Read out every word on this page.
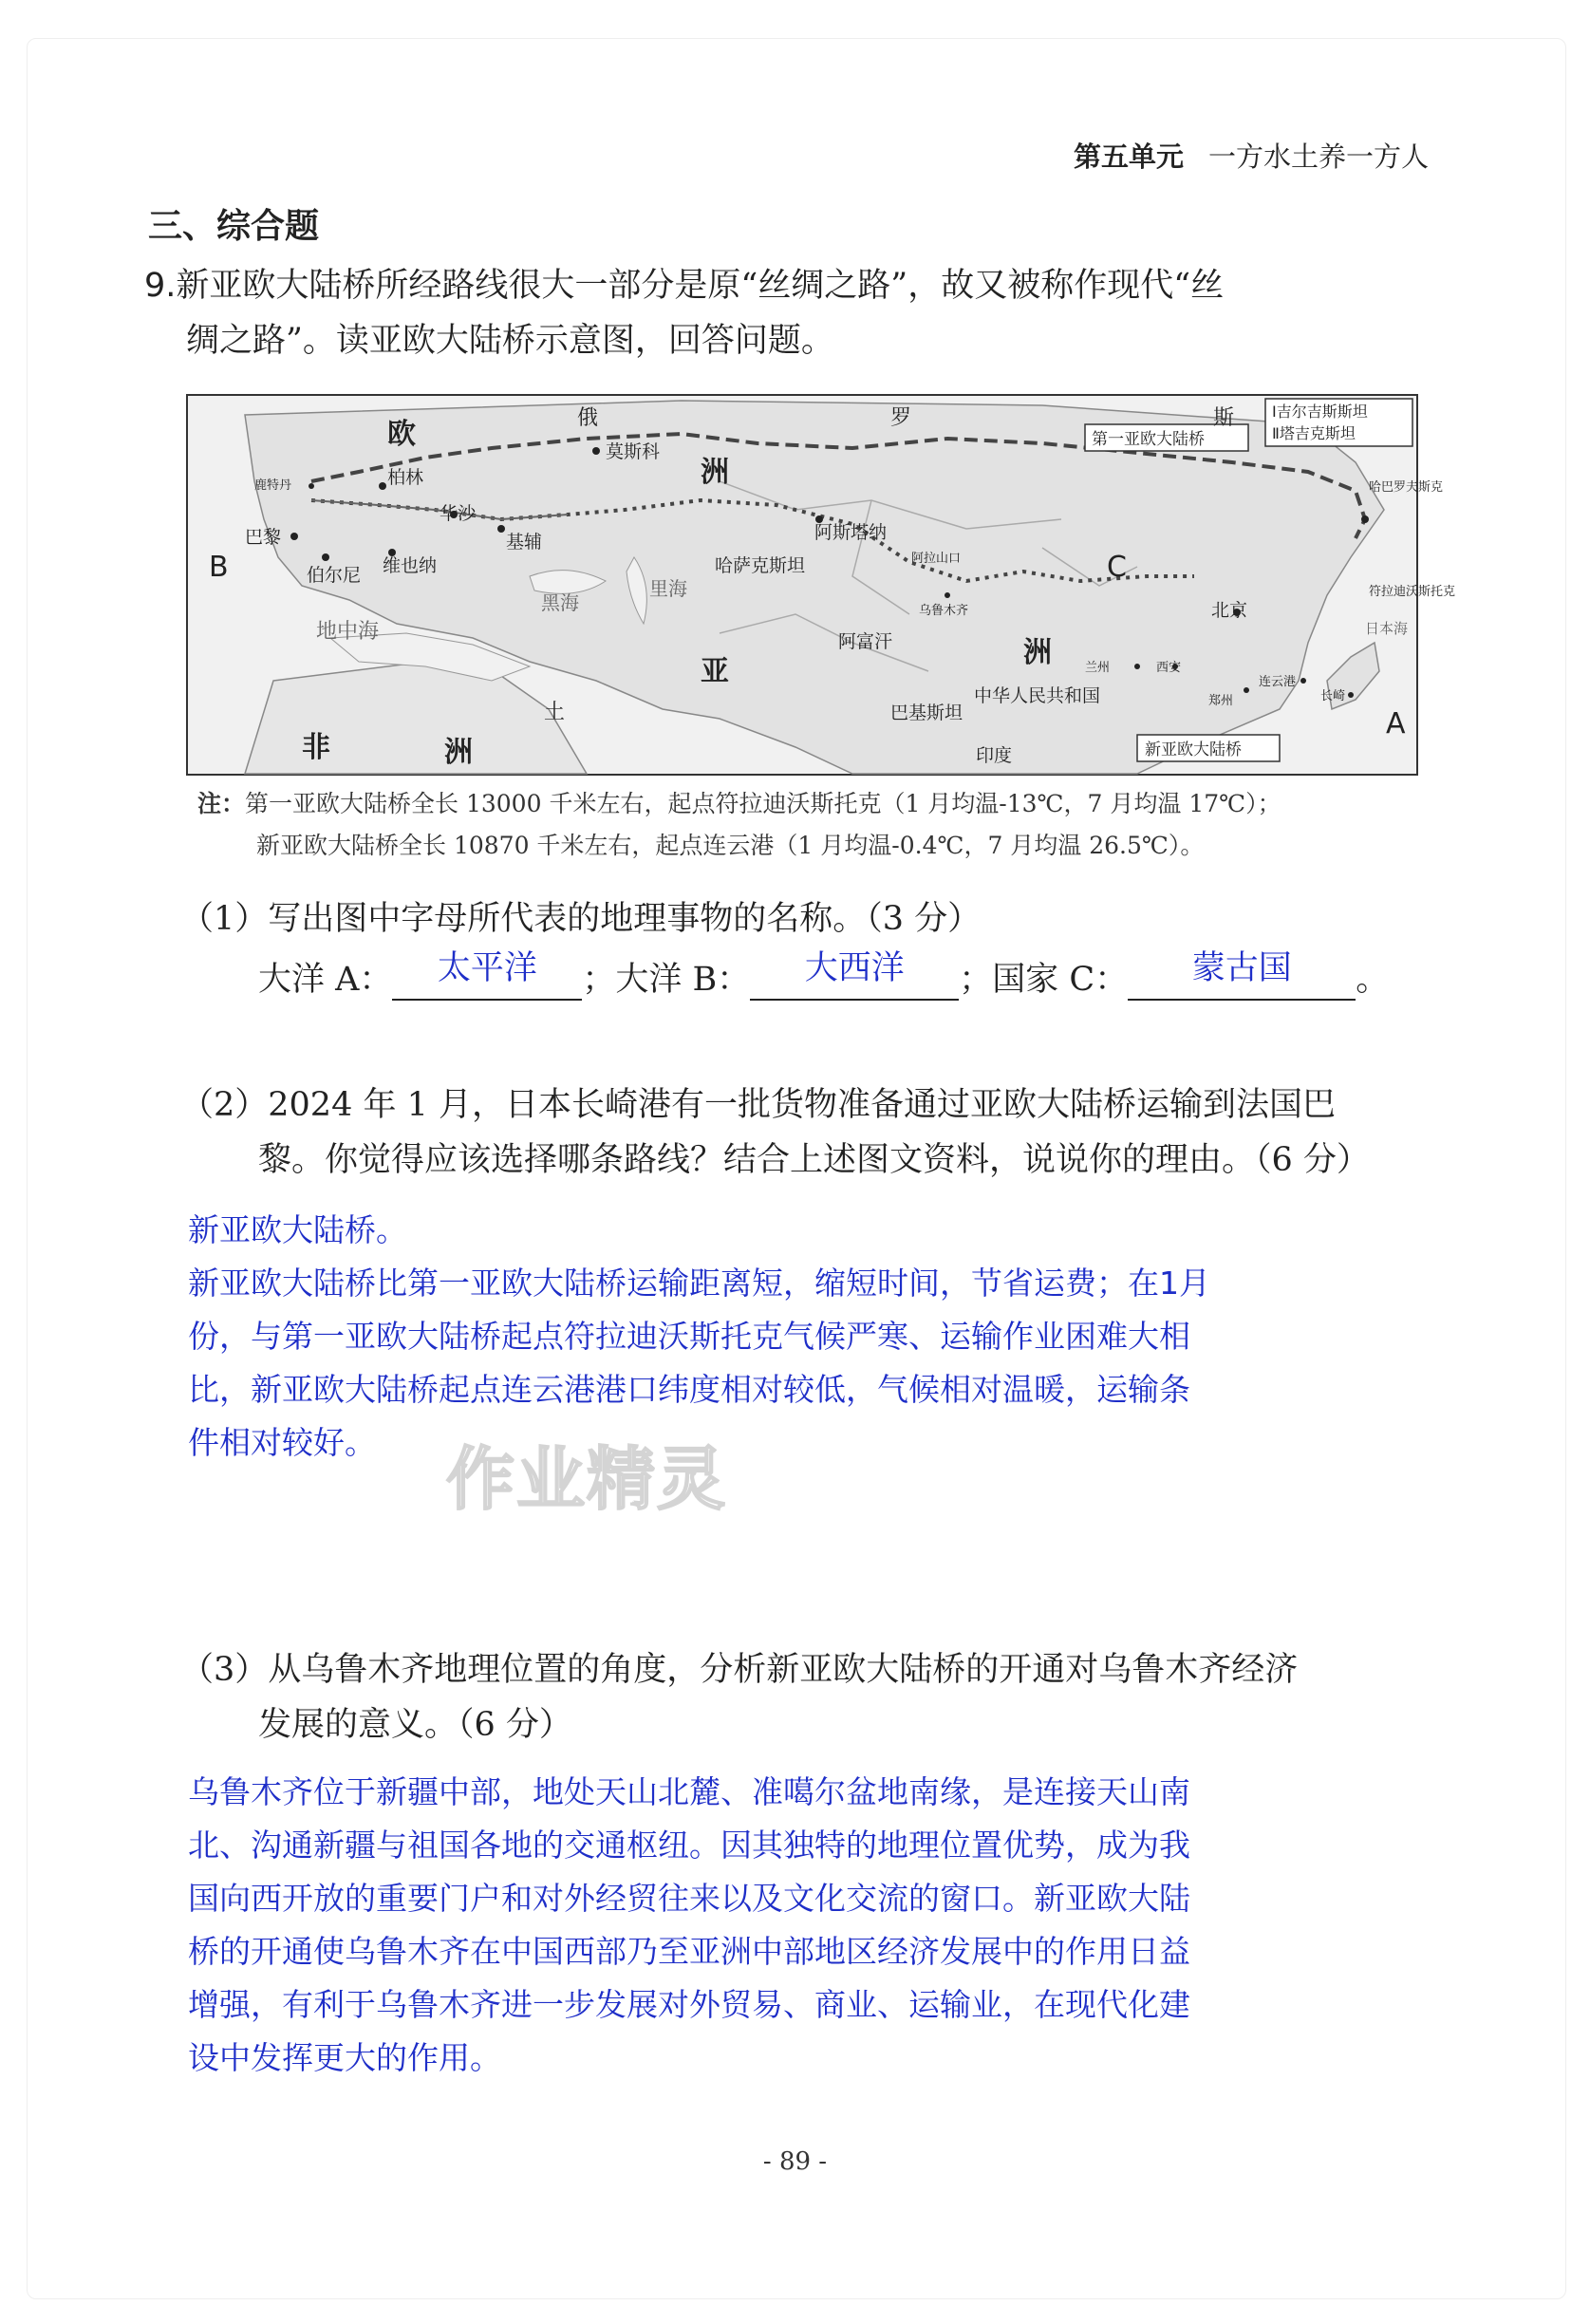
第五单元 一方水土养一方人
三、综合题
9.新亚欧大陆桥所经路线很大一部分是原“丝绸之路”，故又被称作现代“丝
绸之路”。读亚欧大陆桥示意图，回答问题。
Ⅰ吉尔吉斯斯坦
Ⅱ塔吉克斯坦
第一亚欧大陆桥
新亚欧大陆桥
欧
洲
亚
洲
非	洲
俄	罗	斯
B	C
A
地中海
黑海
里海
日本海
土
莫斯科
柏林
鹿特丹
华沙
基辅
巴黎
伯尔尼 维也纳
阿斯塔纳
哈萨克斯坦	阿拉山口
乌鲁木齐	北京
兰州	西安
郑州
连云港
长崎
中华人民共和国
阿富汗
巴基斯坦
印度
符拉迪沃斯托克
哈巴罗夫斯克
注：第一亚欧大陆桥全长 13000 千米左右，起点符拉迪沃斯托克（1 月均温-13℃，7 月均温 17℃）；
新亚欧大陆桥全长 10870 千米左右，起点连云港（1 月均温-0.4℃，7 月均温 26.5℃）。
（1）写出图中字母所代表的地理事物的名称。（3 分）
大洋 A：	太平洋	；大洋 B：	大西洋	；国家 C：	蒙古国	。
（2）2024 年 1 月，日本长崎港有一批货物准备通过亚欧大陆桥运输到法国巴
黎。你觉得应该选择哪条路线？结合上述图文资料，说说你的理由。（6 分）
新亚欧大陆桥。
新亚欧大陆桥比第一亚欧大陆桥运输距离短，缩短时间，节省运费；在1月
份，与第一亚欧大陆桥起点符拉迪沃斯托克气候严寒、运输作业困难大相
比，新亚欧大陆桥起点连云港港口纬度相对较低，气候相对温暖，运输条
件相对较好。	作业精灵
（3）从乌鲁木齐地理位置的角度，分析新亚欧大陆桥的开通对乌鲁木齐经济
发展的意义。（6 分）
乌鲁木齐位于新疆中部，地处天山北麓、准噶尔盆地南缘，是连接天山南
北、沟通新疆与祖国各地的交通枢纽。因其独特的地理位置优势，成为我
国向西开放的重要门户和对外经贸往来以及文化交流的窗口。新亚欧大陆
桥的开通使乌鲁木齐在中国西部乃至亚洲中部地区经济发展中的作用日益
增强，有利于乌鲁木齐进一步发展对外贸易、商业、运输业，在现代化建
设中发挥更大的作用。
- 89 -
